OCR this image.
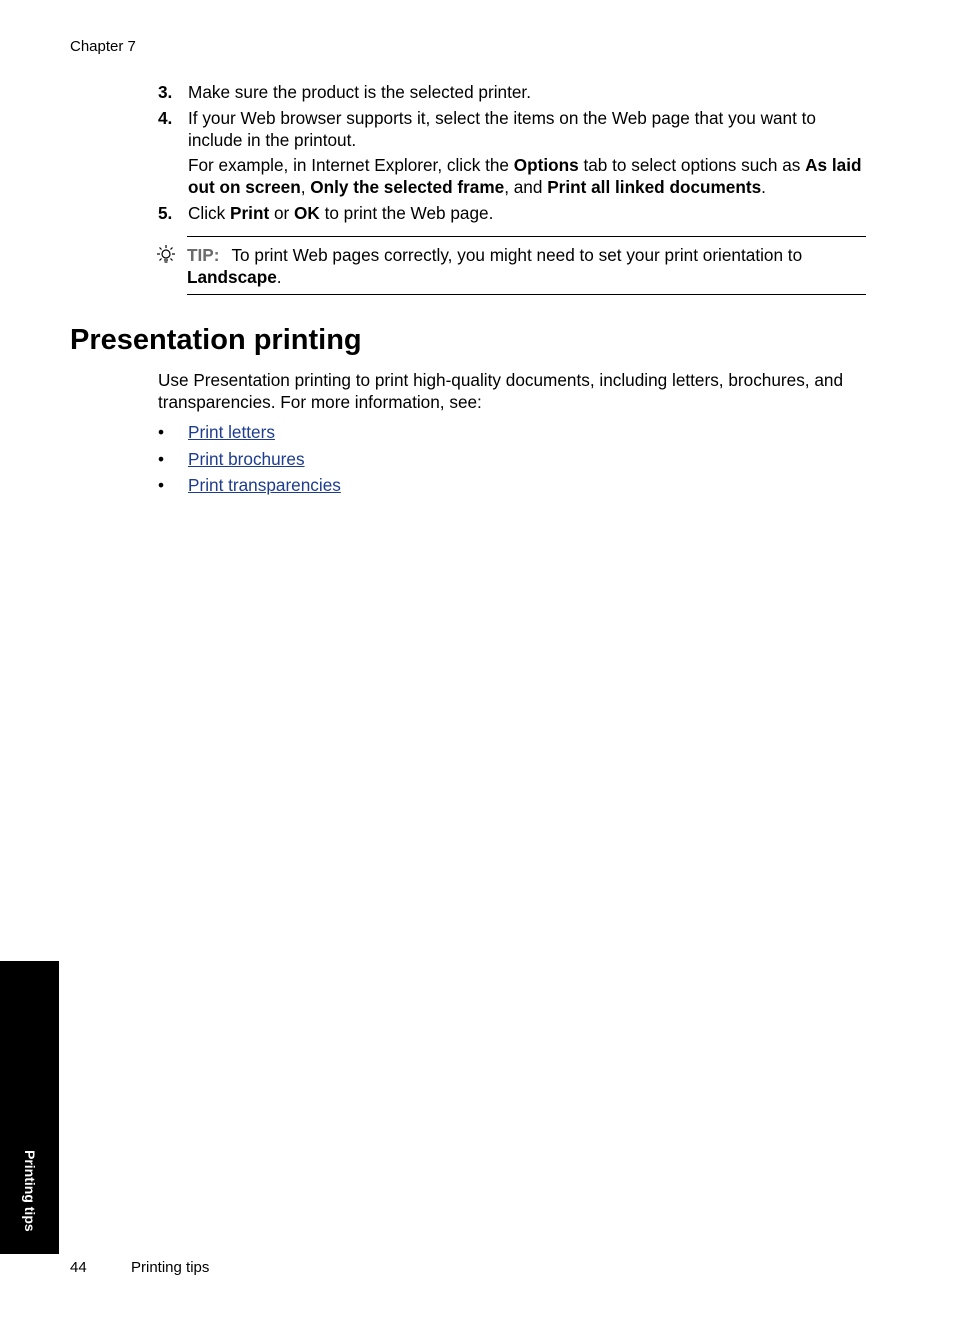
Chapter 7
3. Make sure the product is the selected printer.
4. If your Web browser supports it, select the items on the Web page that you want to include in the printout.
For example, in Internet Explorer, click the Options tab to select options such as As laid out on screen, Only the selected frame, and Print all linked documents.
5. Click Print or OK to print the Web page.
TIP: To print Web pages correctly, you might need to set your print orientation to Landscape.
Presentation printing

Use Presentation printing to print high-quality documents, including letters, brochures, and transparencies. For more information, see:

• Print letters
• Print brochures
• Print transparencies
Printing tips
44	Printing tips
